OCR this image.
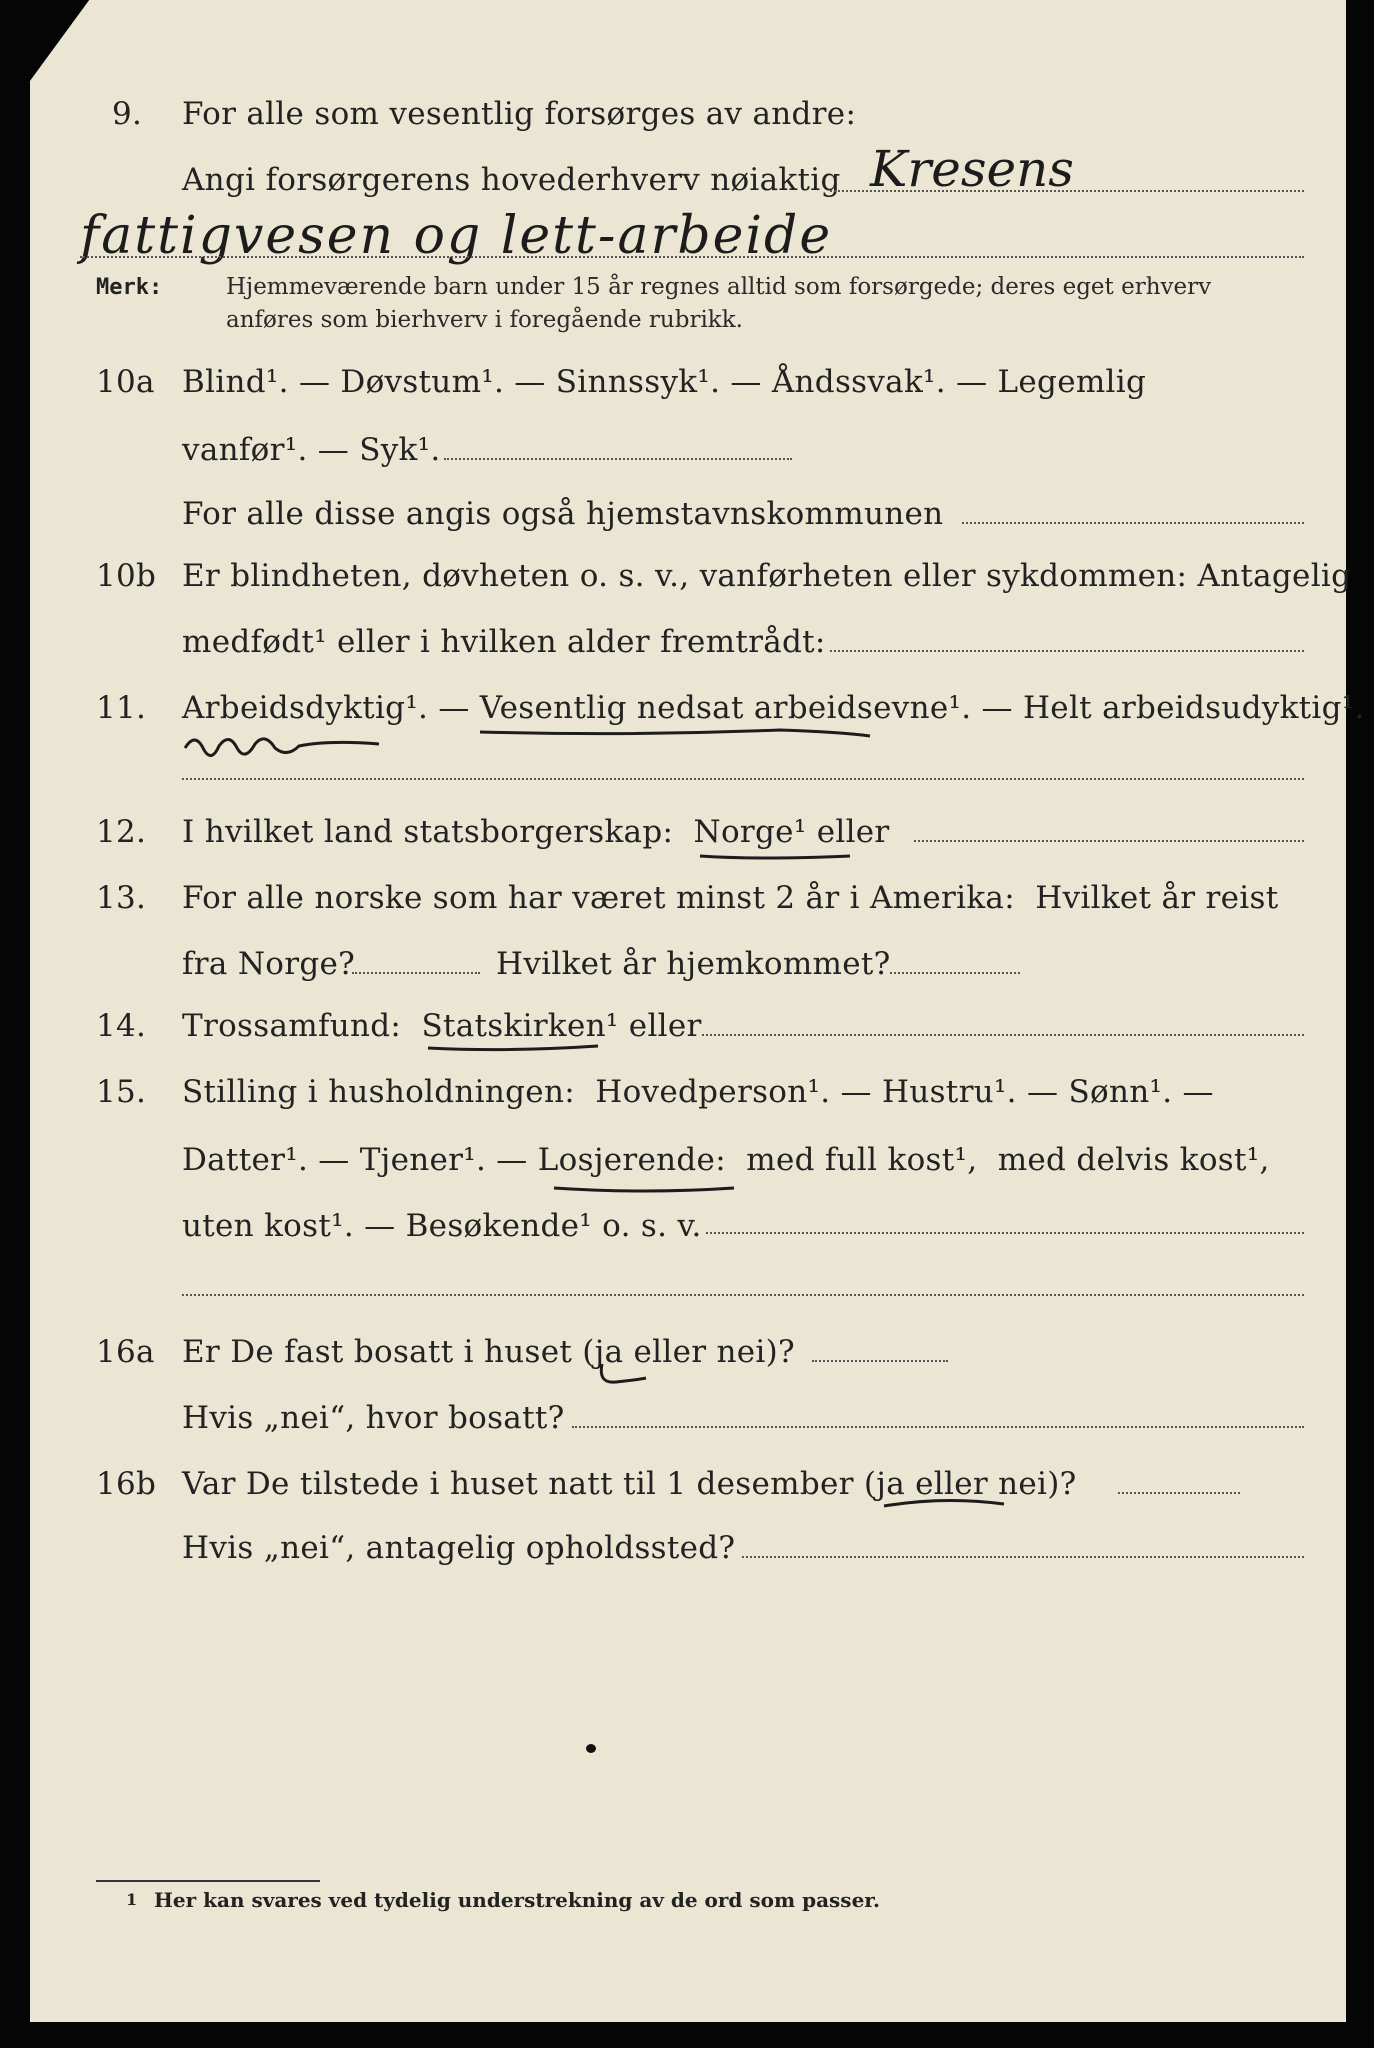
9. For alle som vesentlig forsørges av andre:
Angi forsørgerens hovederhverv nøiaktig Kresens
fattigvesen og lett-arbeide
Merk:	Hjemmeværende barn under 15 år regnes alltid som forsørgede; deres eget erhverv
anføres som bierhverv i foregående rubrikk.
10a Blind¹. — Døvstum¹. — Sinnssyk¹. — Åndssvak¹. — Legemlig
vanfør¹. — Syk¹.
For alle disse angis også hjemstavnskommunen
10b Er blindheten, døvheten o. s. v., vanførheten eller sykdommen: Antagelig
medfødt¹ eller i hvilken alder fremtrådt:
11. Arbeidsdyktig¹. — Vesentlig nedsat arbeidsevne¹. — Helt arbeidsudyktig¹.
12. I hvilket land statsborgerskap:  Norge¹ eller
13. For alle norske som har været minst 2 år i Amerika:  Hvilket år reist
fra Norge?	Hvilket år hjemkommet?
14. Trossamfund:  Statskirken¹ eller
15. Stilling i husholdningen:  Hovedperson¹. — Hustru¹. — Sønn¹. —
Datter¹. — Tjener¹. — Losjerende:  med full kost¹,  med delvis kost¹,
uten kost¹. — Besøkende¹ o. s. v.
16a Er De fast bosatt i huset (ja eller nei)?
Hvis „nei“, hvor bosatt?
16b Var De tilstede i huset natt til 1 desember (ja eller nei)?
Hvis „nei“, antagelig opholdssted?
1 Her kan svares ved tydelig understrekning av de ord som passer.
